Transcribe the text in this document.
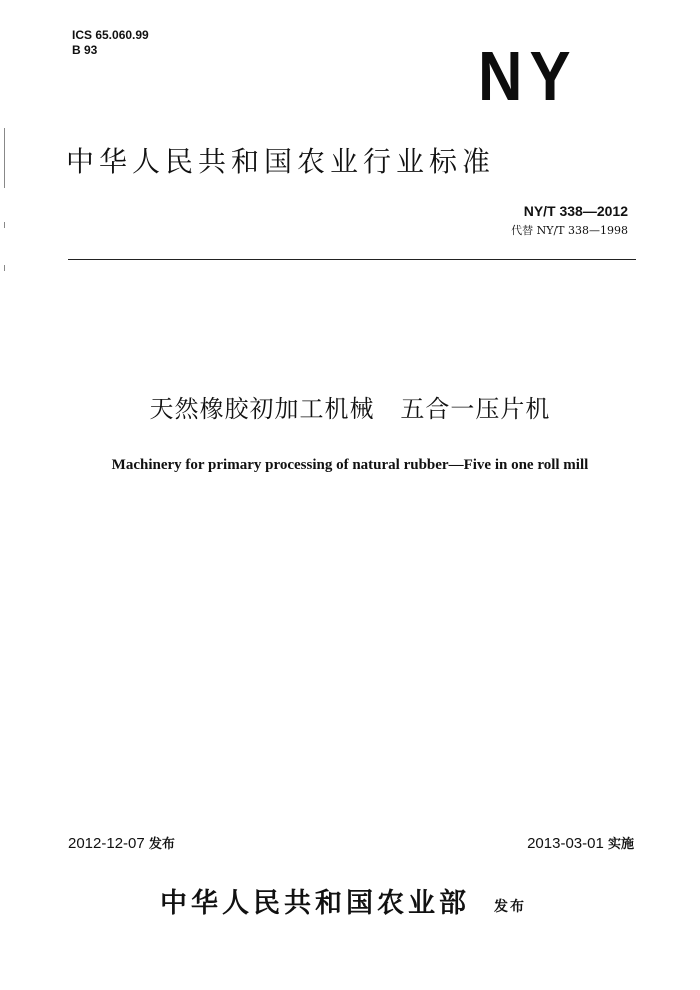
ICS 65.060.99
B 93	NY
中华人民共和国农业行业标准
NY/T 338—2012
代替 NY/T 338—1998
天然橡胶初加工机械   五合一压片机
Machinery for primary processing of natural rubber—Five in one roll mill
2012-12-07 发布	2013-03-01 实施
中华人民共和国农业部 发布
